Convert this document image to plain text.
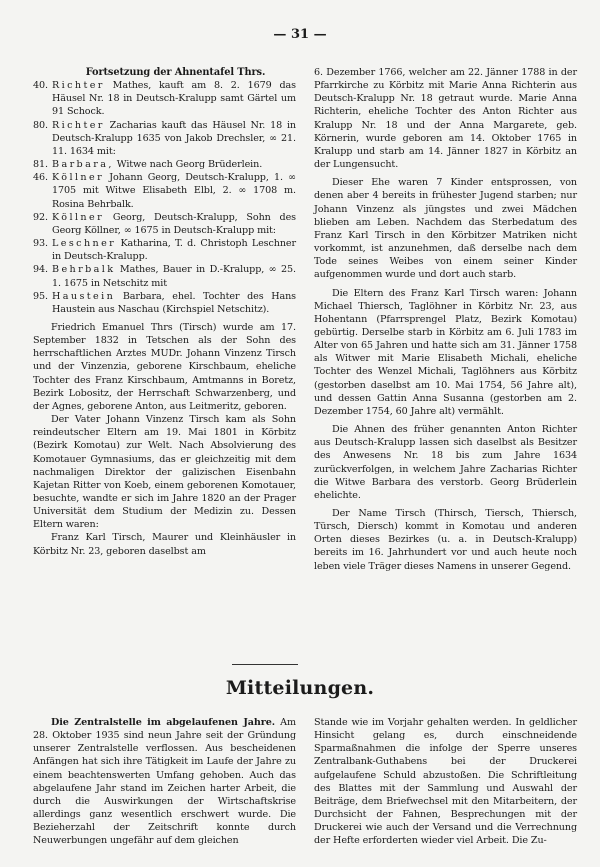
— 31 —
Fortsetzung der Ahnentafel Thrs.
40. Richter Mathes, kauft am 8. 2. 1679 das Häusel Nr. 18 in Deutsch-Kralupp samt Gärtel um 91 Schock.
80. Richter Zacharias kauft das Häusel Nr. 18 in Deutsch-Kralupp 1635 von Jakob Drechsler, ∞ 21. 11. 1634 mit:
81. Barbara, Witwe nach Georg Brüderlein.
46. Köllner Johann Georg, Deutsch-Kralupp, 1. ∞ 1705 mit Witwe Elisabeth Elbl, 2. ∞ 1708 m. Rosina Behrbalk.
92. Köllner Georg, Deutsch-Kralupp, Sohn des Georg Köllner, ∞ 1675 in Deutsch-Kralupp mit:
93. Leschner Katharina, T. d. Christoph Leschner in Deutsch-Kralupp.
94. Behrbalk Mathes, Bauer in D.-Kralupp, ∞ 25. 1. 1675 in Netschitz mit
95. Haustein Barbara, ehel. Tochter des Hans Haustein aus Naschau (Kirchspiel Netschitz).

Friedrich Emanuel Thrs (Tirsch) wurde am 17. September 1832 in Tetschen als der Sohn des herrschaftlichen Arztes MUDr. Johann Vinzenz Tirsch und der Vinzenzia, geborene Kirschbaum, eheliche Tochter des Franz Kirschbaum, Amtmanns in Boretz, Bezirk Lobositz, der Herrschaft Schwarzenberg, und der Agnes, geborene Anton, aus Leitmeritz, geboren.

Der Vater Johann Vinzenz Tirsch kam als Sohn reindeutscher Eltern am 19. Mai 1801 in Körbitz (Bezirk Komotau) zur Welt. Nach Absolvierung des Komotauer Gymnasiums, das er gleichzeitig mit dem nachmaligen Direktor der galizischen Eisenbahn Kajetan Ritter von Koeb, einem geborenen Komotauer, besuchte, wandte er sich im Jahre 1820 an der Prager Universität dem Studium der Medizin zu. Dessen Eltern waren:

Franz Karl Tirsch, Maurer und Kleinhäusler in Körbitz Nr. 23, geboren daselbst am

6. Dezember 1766, welcher am 22. Jänner 1788 in der Pfarrkirche zu Körbitz mit Marie Anna Richterin aus Deutsch-Kralupp Nr. 18 getraut wurde. Marie Anna Richterin, eheliche Tochter des Anton Richter aus Kralupp Nr. 18 und der Anna Margarete, geb. Körnerin, wurde geboren am 14. Oktober 1765 in Kralupp und starb am 14. Jänner 1827 in Körbitz an der Lungensucht.

Dieser Ehe waren 7 Kinder entsprossen, von denen aber 4 bereits in frühester Jugend starben; nur Johann Vinzenz als jüngstes und zwei Mädchen blieben am Leben. Nachdem das Sterbedatum des Franz Karl Tirsch in den Körbitzer Matriken nicht vorkommt, ist anzunehmen, daß derselbe nach dem Tode seines Weibes von einem seiner Kinder aufgenommen wurde und dort auch starb.

Die Eltern des Franz Karl Tirsch waren: Johann Michael Thiersch, Taglöhner in Körbitz Nr. 23, aus Hohentann (Pfarrsprengel Platz, Bezirk Komotau) gebürtig. Derselbe starb in Körbitz am 6. Juli 1783 im Alter von 65 Jahren und hatte sich am 31. Jänner 1758 als Witwer mit Marie Elisabeth Michali, eheliche Tochter des Wenzel Michali, Taglöhners aus Körbitz (gestorben daselbst am 10. Mai 1754, 56 Jahre alt), und dessen Gattin Anna Susanna (gestorben am 2. Dezember 1754, 60 Jahre alt) vermählt.

Die Ahnen des früher genannten Anton Richter aus Deutsch-Kralupp lassen sich daselbst als Besitzer des Anwesens Nr. 18 bis zum Jahre 1634 zurückverfolgen, in welchem Jahre Zacharias Richter die Witwe Barbara des verstorb. Georg Brüderlein ehelichte.

Der Name Tirsch (Thirsch, Tiersch, Thiersch, Türsch, Diersch) kommt in Komotau und anderen Orten dieses Bezirkes (u. a. in Deutsch-Kralupp) bereits im 16. Jahrhundert vor und auch heute noch leben viele Träger dieses Namens in unserer Gegend.

Mitteilungen.

Die Zentralstelle im abgelaufenen Jahre. Am 28. Oktober 1935 sind neun Jahre seit der Gründung unserer Zentralstelle verflossen. Aus bescheidenen Anfängen hat sich ihre Tätigkeit im Laufe der Jahre zu einem beachtenswerten Umfang gehoben. Auch das abgelaufene Jahr stand im Zeichen harter Arbeit, die durch die Auswirkungen der Wirtschaftskrise allerdings ganz wesentlich erschwert wurde. Die Bezieherzahl der Zeitschrift konnte durch Neuwerbungen ungefähr auf dem gleichen

Stande wie im Vorjahr gehalten werden. In geldlicher Hinsicht gelang es, durch einschneidende Sparmaßnahmen die infolge der Sperre unseres Zentralbank-Guthabens bei der Druckerei aufgelaufene Schuld abzustoßen. Die Schriftleitung des Blattes mit der Sammlung und Auswahl der Beiträge, dem Briefwechsel mit den Mitarbeitern, der Durchsicht der Fahnen, Besprechungen mit der Druckerei wie auch der Versand und die Verrechnung der Hefte erforderten wieder viel Arbeit. Die Zu-
